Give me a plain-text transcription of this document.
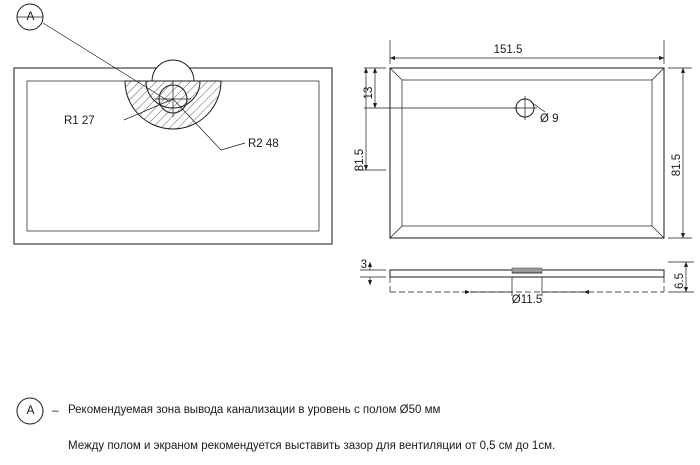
R1 27
R2 48
Ø 9
151.5
13
81.5	81.5
Ø11.5
3
6.5
A
A – Рекомендуемая зона вывода канализации в уровень с полом Ø50 мм
Между полом и экраном рекомендуется выставить зазор для вентиляции от 0,5 см до 1см.
